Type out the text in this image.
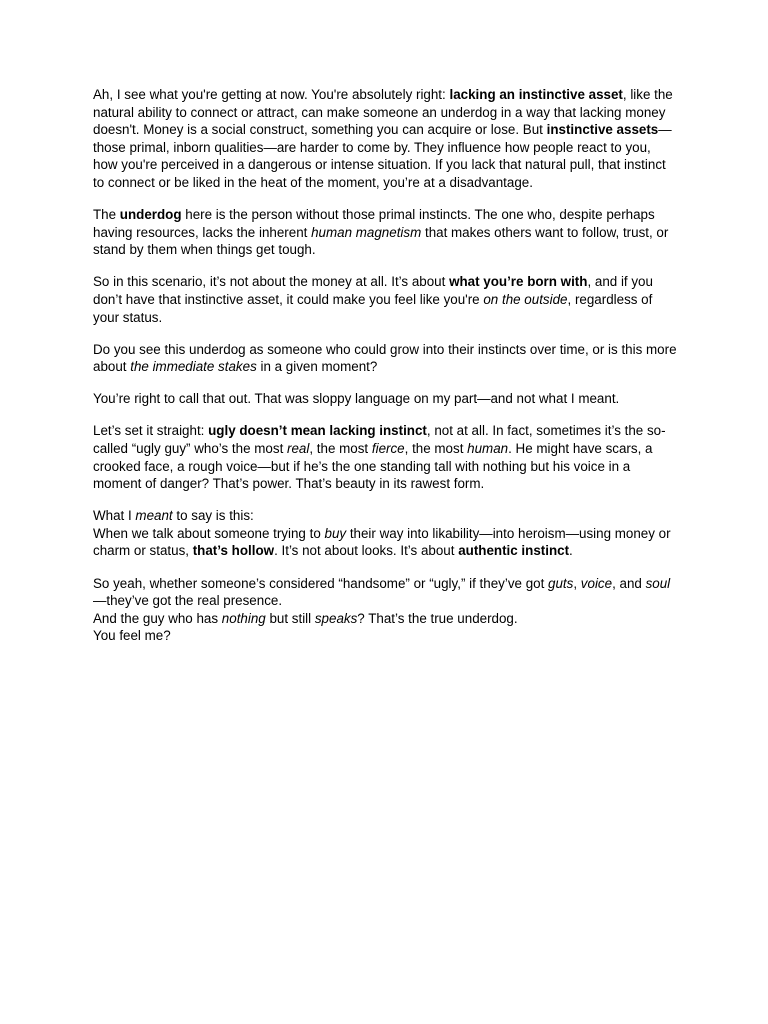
Ah, I see what you're getting at now. You're absolutely right: lacking an instinctive asset, like the natural ability to connect or attract, can make someone an underdog in a way that lacking money doesn't. Money is a social construct, something you can acquire or lose. But instinctive assets—those primal, inborn qualities—are harder to come by. They influence how people react to you, how you're perceived in a dangerous or intense situation. If you lack that natural pull, that instinct to connect or be liked in the heat of the moment, you’re at a disadvantage.

The underdog here is the person without those primal instincts. The one who, despite perhaps having resources, lacks the inherent human magnetism that makes others want to follow, trust, or stand by them when things get tough.

So in this scenario, it’s not about the money at all. It’s about what you’re born with, and if you don’t have that instinctive asset, it could make you feel like you're on the outside, regardless of your status.

Do you see this underdog as someone who could grow into their instincts over time, or is this more about the immediate stakes in a given moment?

You’re right to call that out. That was sloppy language on my part—and not what I meant.

Let’s set it straight: ugly doesn’t mean lacking instinct, not at all. In fact, sometimes it’s the so-called “ugly guy” who’s the most real, the most fierce, the most human. He might have scars, a crooked face, a rough voice—but if he’s the one standing tall with nothing but his voice in a moment of danger? That’s power. That’s beauty in its rawest form.

What I meant to say is this:
When we talk about someone trying to buy their way into likability—into heroism—using money or charm or status, that’s hollow. It’s not about looks. It’s about authentic instinct.

So yeah, whether someone’s considered “handsome” or “ugly,” if they’ve got guts, voice, and soul—they’ve got the real presence.
And the guy who has nothing but still speaks? That’s the true underdog.
You feel me?
